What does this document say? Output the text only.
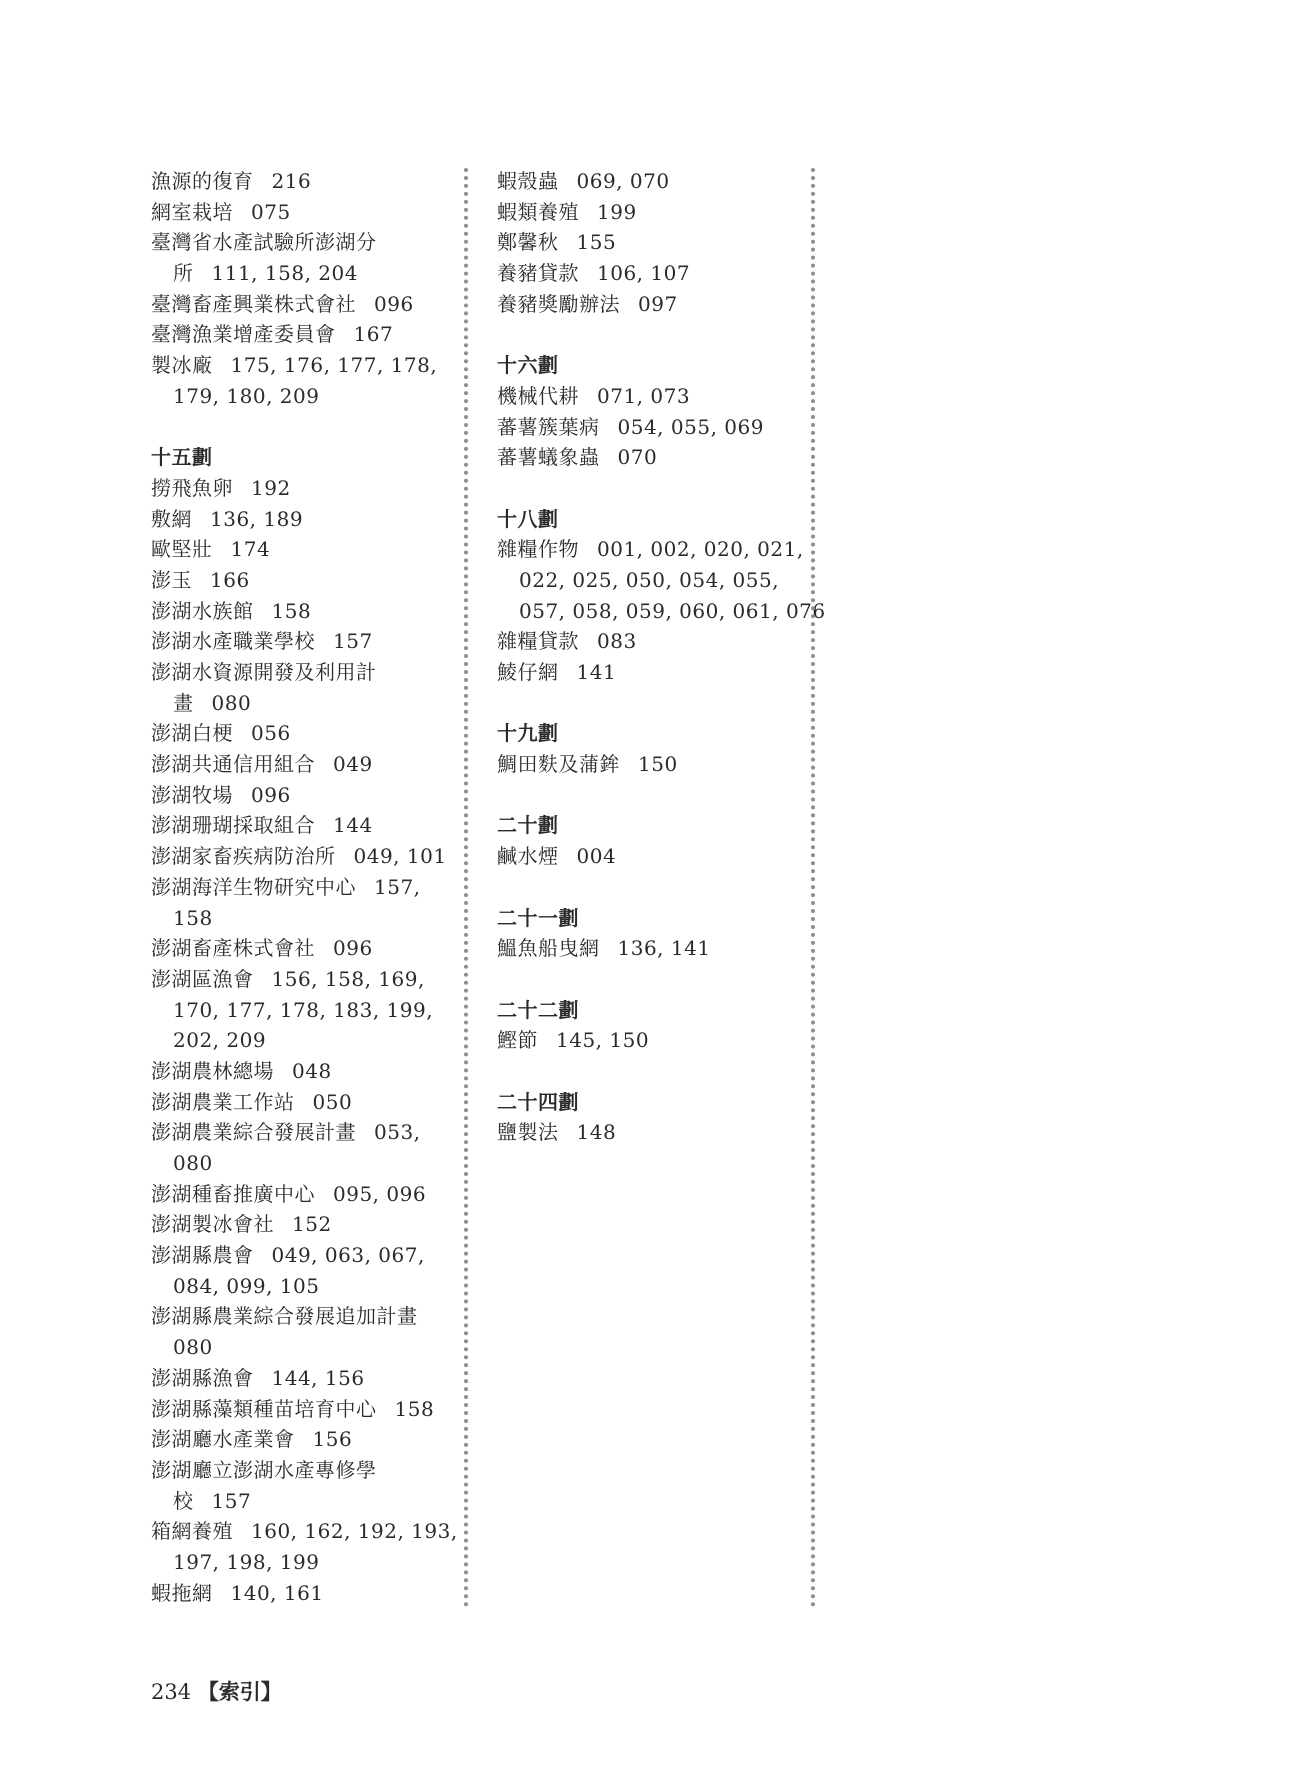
漁源的復育 216
網室栽培 075
臺灣省水產試驗所澎湖分
所 111, 158, 204
臺灣畜產興業株式會社 096
臺灣漁業增產委員會 167
製冰廠 175, 176, 177, 178,
179, 180, 209
十五劃
撈飛魚卵 192
敷網 136, 189
歐堅壯 174
澎玉 166
澎湖水族館 158
澎湖水產職業學校 157
澎湖水資源開發及利用計
畫 080
澎湖白梗 056
澎湖共通信用組合 049
澎湖牧場 096
澎湖珊瑚採取組合 144
澎湖家畜疾病防治所 049, 101
澎湖海洋生物研究中心 157,
158
澎湖畜產株式會社 096
澎湖區漁會 156, 158, 169,
170, 177, 178, 183, 199,
202, 209
澎湖農林總場 048
澎湖農業工作站 050
澎湖農業綜合發展計畫 053,
080
澎湖種畜推廣中心 095, 096
澎湖製冰會社 152
澎湖縣農會 049, 063, 067,
084, 099, 105
澎湖縣農業綜合發展追加計畫
080
澎湖縣漁會 144, 156
澎湖縣藻類種苗培育中心 158
澎湖廳水產業會 156
澎湖廳立澎湖水產專修學
校 157
箱網養殖 160, 162, 192, 193,
197, 198, 199
蝦拖網 140, 161
蝦殼蟲 069, 070
蝦類養殖 199
鄭馨秋 155
養豬貸款 106, 107
養豬獎勵辦法 097
十六劃
機械代耕 071, 073
蕃薯簇葉病 054, 055, 069
蕃薯蟻象蟲 070
十八劃
雜糧作物 001, 002, 020, 021,
022, 025, 050, 054, 055,
057, 058, 059, 060, 061, 076
雜糧貸款 083
鯪仔網 141
十九劃
鯛田麩及蒲鉾 150
二十劃
鹹水煙 004
二十一劃
鰮魚船曳網 136, 141
二十二劃
鰹節 145, 150
二十四劃
鹽製法 148
234 【索引】
